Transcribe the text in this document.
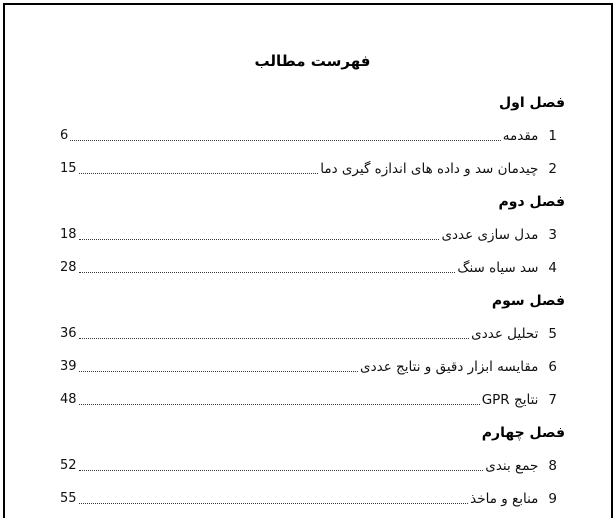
فهرست مطالب
فصل اول
1
مقدمه
6
2
چیدمان سد و داده های اندازه گیری دما
15
فصل دوم
3
مدل سازی عددی
18
4
سد سیاه سنگ
28
فصل سوم
5
تحلیل عددی
36
6
مقایسه ابزار دقیق و نتایج عددی
39
7
نتایج GPR
48
فصل چهارم
8
جمع بندی
52
9
منابع و ماخذ
55
